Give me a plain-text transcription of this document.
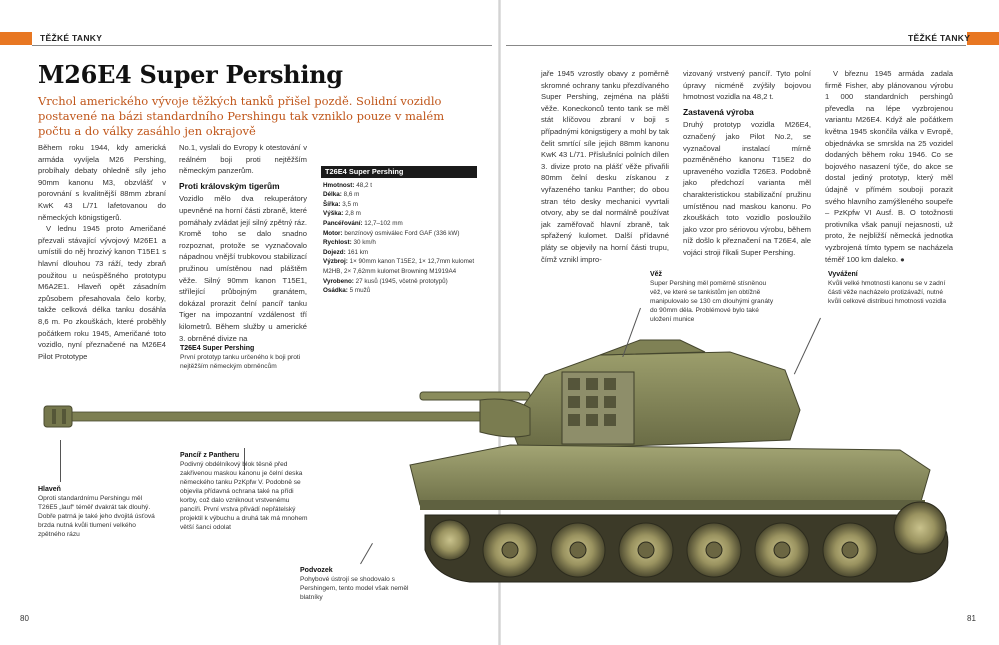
TĚŽKÉ TANKY	TĚŽKÉ TANKY
M26E4 Super Pershing
Vrchol amerického vývoje těžkých tanků přišel pozdě. Solidní vozidlo postavené na bázi standardního Pershingu tak vzniklo pouze v malém počtu a do války zasáhlo jen okrajově

Během roku 1944, kdy americká armáda vyvíjela M26 Pershing, probíhaly debaty ohledně síly jeho 90mm kanonu M3, obzvlášť v porovnání s kvalitnější 88mm zbraní KwK 43 L/71 lafetovanou do německých königstigerů.

V lednu 1945 proto Američané přezvali stávající vývojový M26E1 a umístili do něj hrozivý kanon T15E1 s hlavní dlouhou 73 ráží, tedy zbraň použitou u neúspěšného prototypu M6A2E1. Hlaveň opět zásadním způsobem přesahovala čelo korby, takže celková délka tanku dosáhla 8,6 m. Po zkouškách, které proběhly počátkem roku 1945, Američané toto vozidlo, nyní přeznačené na M26E4 Pilot Prototype

No.1, vyslali do Evropy k otestování v reálném boji proti nejtěžším německým panzerům.

Proti královským tigerům

Vozidlo mělo dva rekuperátory upevněné na horní části zbraně, které pomáhaly zvládat její silný zpětný ráz. Kromě toho se dalo snadno rozpoznat, protože se vyznačovalo nápadnou vnější trubkovou stabilizací pružinou umístěnou nad pláštěm věže. Silný 90mm kanon T15E1, střílející průbojným granátem, dokázal prorazit čelní pancíř tanku Tiger na impozantní vzdálenost tří kilometrů. Během služby u americké 3. obrněné divize na

T26E4 Super Pershing
Hmotnost: 48,2 t
Délka: 8,6 m
Šířka: 3,5 m
Výška: 2,8 m
Pancéřování: 12,7–102 mm
Motor: benzínový osmiválec Ford GAF (336 kW)
Rychlost: 30 km/h
Dojezd: 161 km
Výzbroj: 1× 90mm kanon T15E2, 1× 12,7mm kulomet M2HB, 2× 7,62mm kulomet Browning M1919A4
Vyrobeno: 27 kusů (1945, včetně prototypů)
Osádka: 5 mužů

jaře 1945 vzrostly obavy z poměrně skromné ochrany tanku přezdívaného Super Pershing, zejména na plášti věže. Koneckonců tento tank se měl stát klíčovou zbraní v boji s případnými königstigery a mohl by tak čelit smrtící síle jejich 88mm kanonu KwK 43 L/71. Příslušníci polních dílen 3. divize proto na plášť věže přivařili 80mm čelní desku získanou z vyřazeného tanku Panther; do obou stran této desky mechanici vyvrtali otvory, aby se dal normálně používat jak zaměřovač hlavní zbraně, tak spřažený kulomet. Další přídavné pláty se objevily na horní části trupu, čímž vznikl impro-

vizovaný vrstvený pancíř. Tyto polní úpravy nicméně zvýšily bojovou hmotnost vozidla na 48,2 t.

Zastavená výroba

Druhý prototyp vozidla M26E4, označený jako Pilot No.2, se vyznačoval instalací mírně pozměněného kanonu T15E2 do upraveného vozidla T26E3. Podobně jako předchozí varianta měl charakteristickou stabilizační pružinu umístěnou nad maskou kanonu. Po zkouškách toto vozidlo posloužilo jako vzor pro sériovou výrobu, během níž došlo k přeznačení na T26E4, ale vojáci stroji říkali Super Pershing.

V březnu 1945 armáda zadala firmě Fisher, aby plánovanou výrobu 1 000 standardních pershingů převedla na lépe vyzbrojenou variantu M26E4. Když ale počátkem května 1945 skončila válka v Evropě, objednávka se smrskla na 25 vozidel dodaných během roku 1946. Co se bojového nasazení týče, do akce se dostal jediný prototyp, který měl údajně v přímém souboji porazit svého hlavního zamýšleného soupeře – PzKpfw VI Ausf. B. O totožnosti protivníka však panují nejasnosti, už proto, že nejbližší německá jednotka vyzbrojená tímto typem se nacházela téměř 100 km daleko. ●

T26E4 Super Pershing
První prototyp tanku určeného k boji proti nejtěžším německým obrněncům
Věž
Super Pershing měl poměrně stísněnou věž, ve které se tankistům jen obtížně manipulovalo se 130 cm dlouhými granáty do 90mm děla. Problémové bylo také uložení munice
Vyvážení
Kvůli velké hmotnosti kanonu se v zadní části věže nacházelo protizávaží, nutné kvůli celkové distribuci hmotnosti vozidla
Pancíř z Pantheru
Podivný obdélníkový blok těsně před zakřivenou maskou kanonu je čelní deska německého tanku PzKpfw V. Podobně se objevila přídavná ochrana také na přídi korby, což dalo vzniknout vrstvenému pancíři. První vrstva přivádí nepřátelský projektil k výbuchu a druhá tak má mnohem větší šanci odolat
Hlaveň
Oproti standardnímu Pershingu měl T26E5 „lauf“ téměř dvakrát tak dlouhý. Dobře patrná je také jeho dvojitá úsťová brzda nutná kvůli tlumení velkého zpětného rázu
Podvozek
Pohybové ústrojí se shodovalo s Pershingem, tento model však neměl blatníky
80	81
